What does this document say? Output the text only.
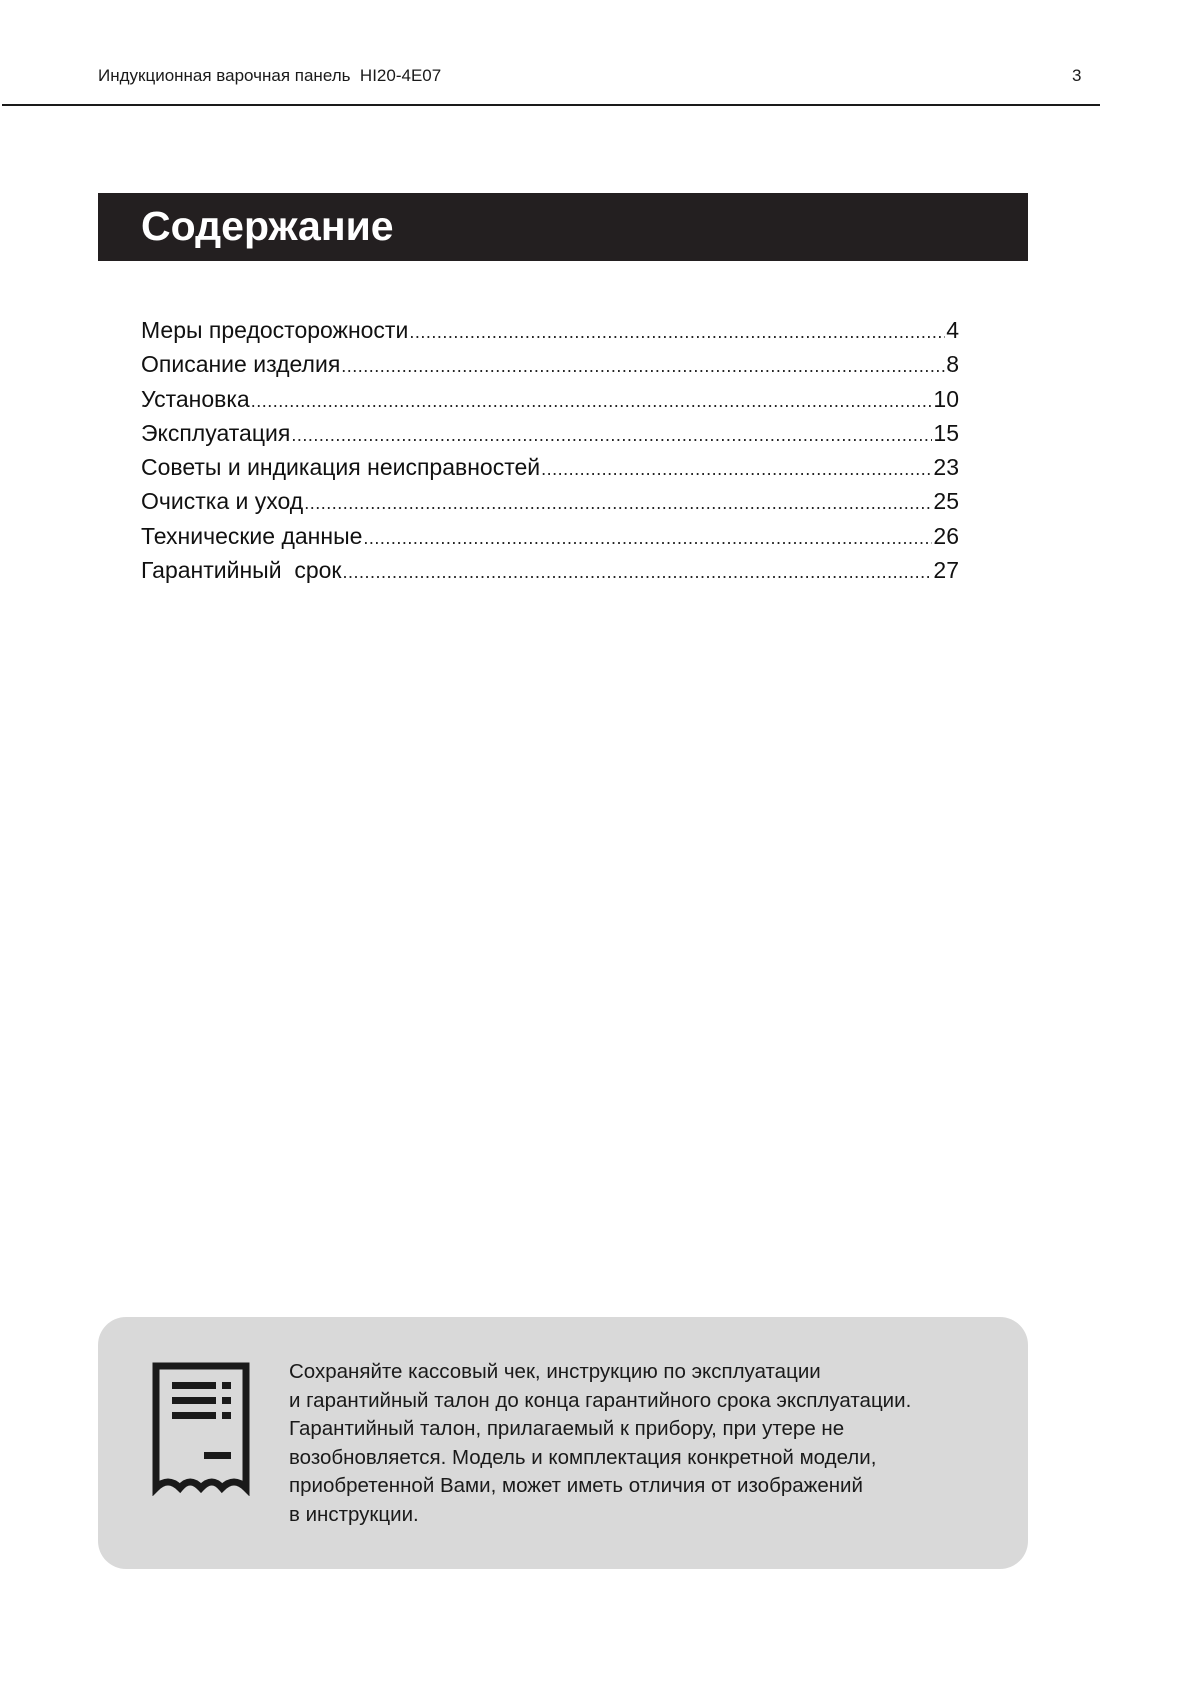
Индукционная варочная панель  HI20-4E07	3
Содержание
Меры предосторожности .....	4
Описание изделия .....	8
Установка .....	10
Эксплуатация .....	15
Советы и индикация неисправностей .....	23
Очистка и уход .....	25
Технические данные .....	26
Гарантийный  срок .....	27

Сохраняйте кассовый чек, инструкцию по эксплуатации
и гарантийный талон до конца гарантийного срока эксплуатации.
Гарантийный талон, прилагаемый к прибору, при утере не
возобновляется. Модель и комплектация конкретной модели,
приобретенной Вами, может иметь отличия от изображений
в инструкции.
